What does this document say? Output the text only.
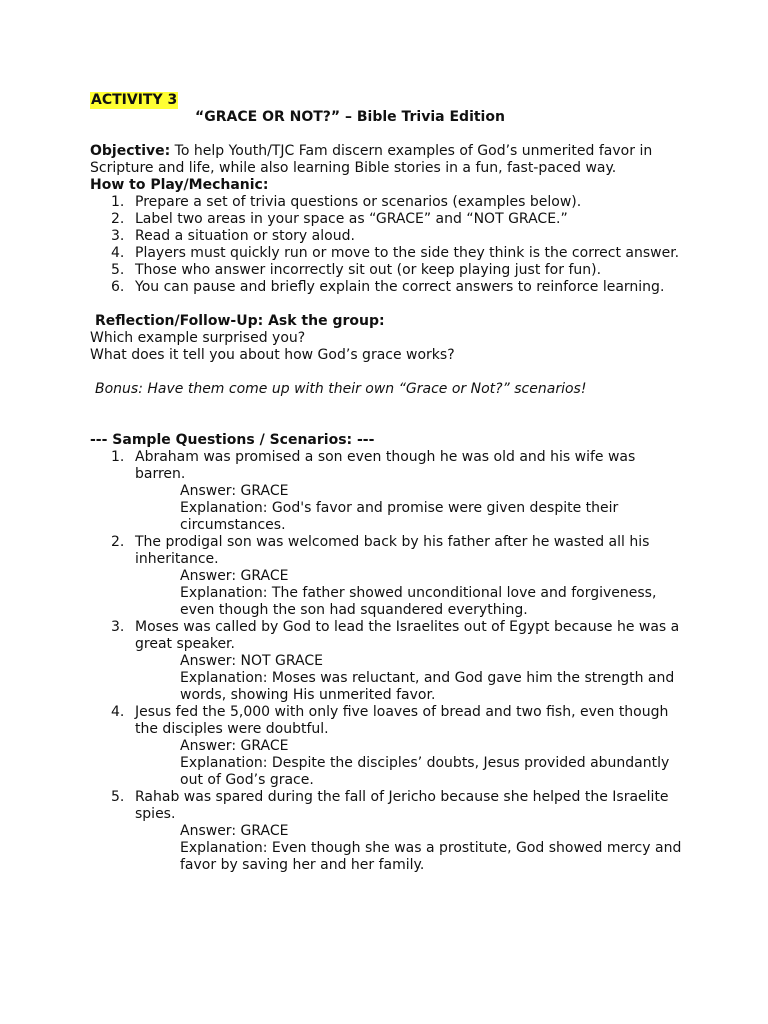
ACTIVITY 3
“GRACE OR NOT?” – Bible Trivia Edition

Objective: To help Youth/TJC Fam discern examples of God’s unmerited favor in Scripture and life, while also learning Bible stories in a fun, fast-paced way.

How to Play/Mechanic:
1. Prepare a set of trivia questions or scenarios (examples below).
2. Label two areas in your space as “GRACE” and “NOT GRACE.”
3. Read a situation or story aloud.
4. Players must quickly run or move to the side they think is the correct answer.
5. Those who answer incorrectly sit out (or keep playing just for fun).
6. You can pause and briefly explain the correct answers to reinforce learning.
Reflection/Follow-Up: Ask the group:
Which example surprised you?
What does it tell you about how God’s grace works?
Bonus: Have them come up with their own “Grace or Not?” scenarios!
--- Sample Questions / Scenarios: ---
1. Abraham was promised a son even though he was old and his wife was barren.
Answer: GRACE
Explanation: God's favor and promise were given despite their circumstances.
2. The prodigal son was welcomed back by his father after he wasted all his inheritance.
Answer: GRACE
Explanation: The father showed unconditional love and forgiveness, even though the son had squandered everything.
3. Moses was called by God to lead the Israelites out of Egypt because he was a great speaker.
Answer: NOT GRACE
Explanation: Moses was reluctant, and God gave him the strength and words, showing His unmerited favor.
4. Jesus fed the 5,000 with only five loaves of bread and two fish, even though the disciples were doubtful.
Answer: GRACE
Explanation: Despite the disciples’ doubts, Jesus provided abundantly out of God’s grace.
5. Rahab was spared during the fall of Jericho because she helped the Israelite spies.
Answer: GRACE
Explanation: Even though she was a prostitute, God showed mercy and favor by saving her and her family.
